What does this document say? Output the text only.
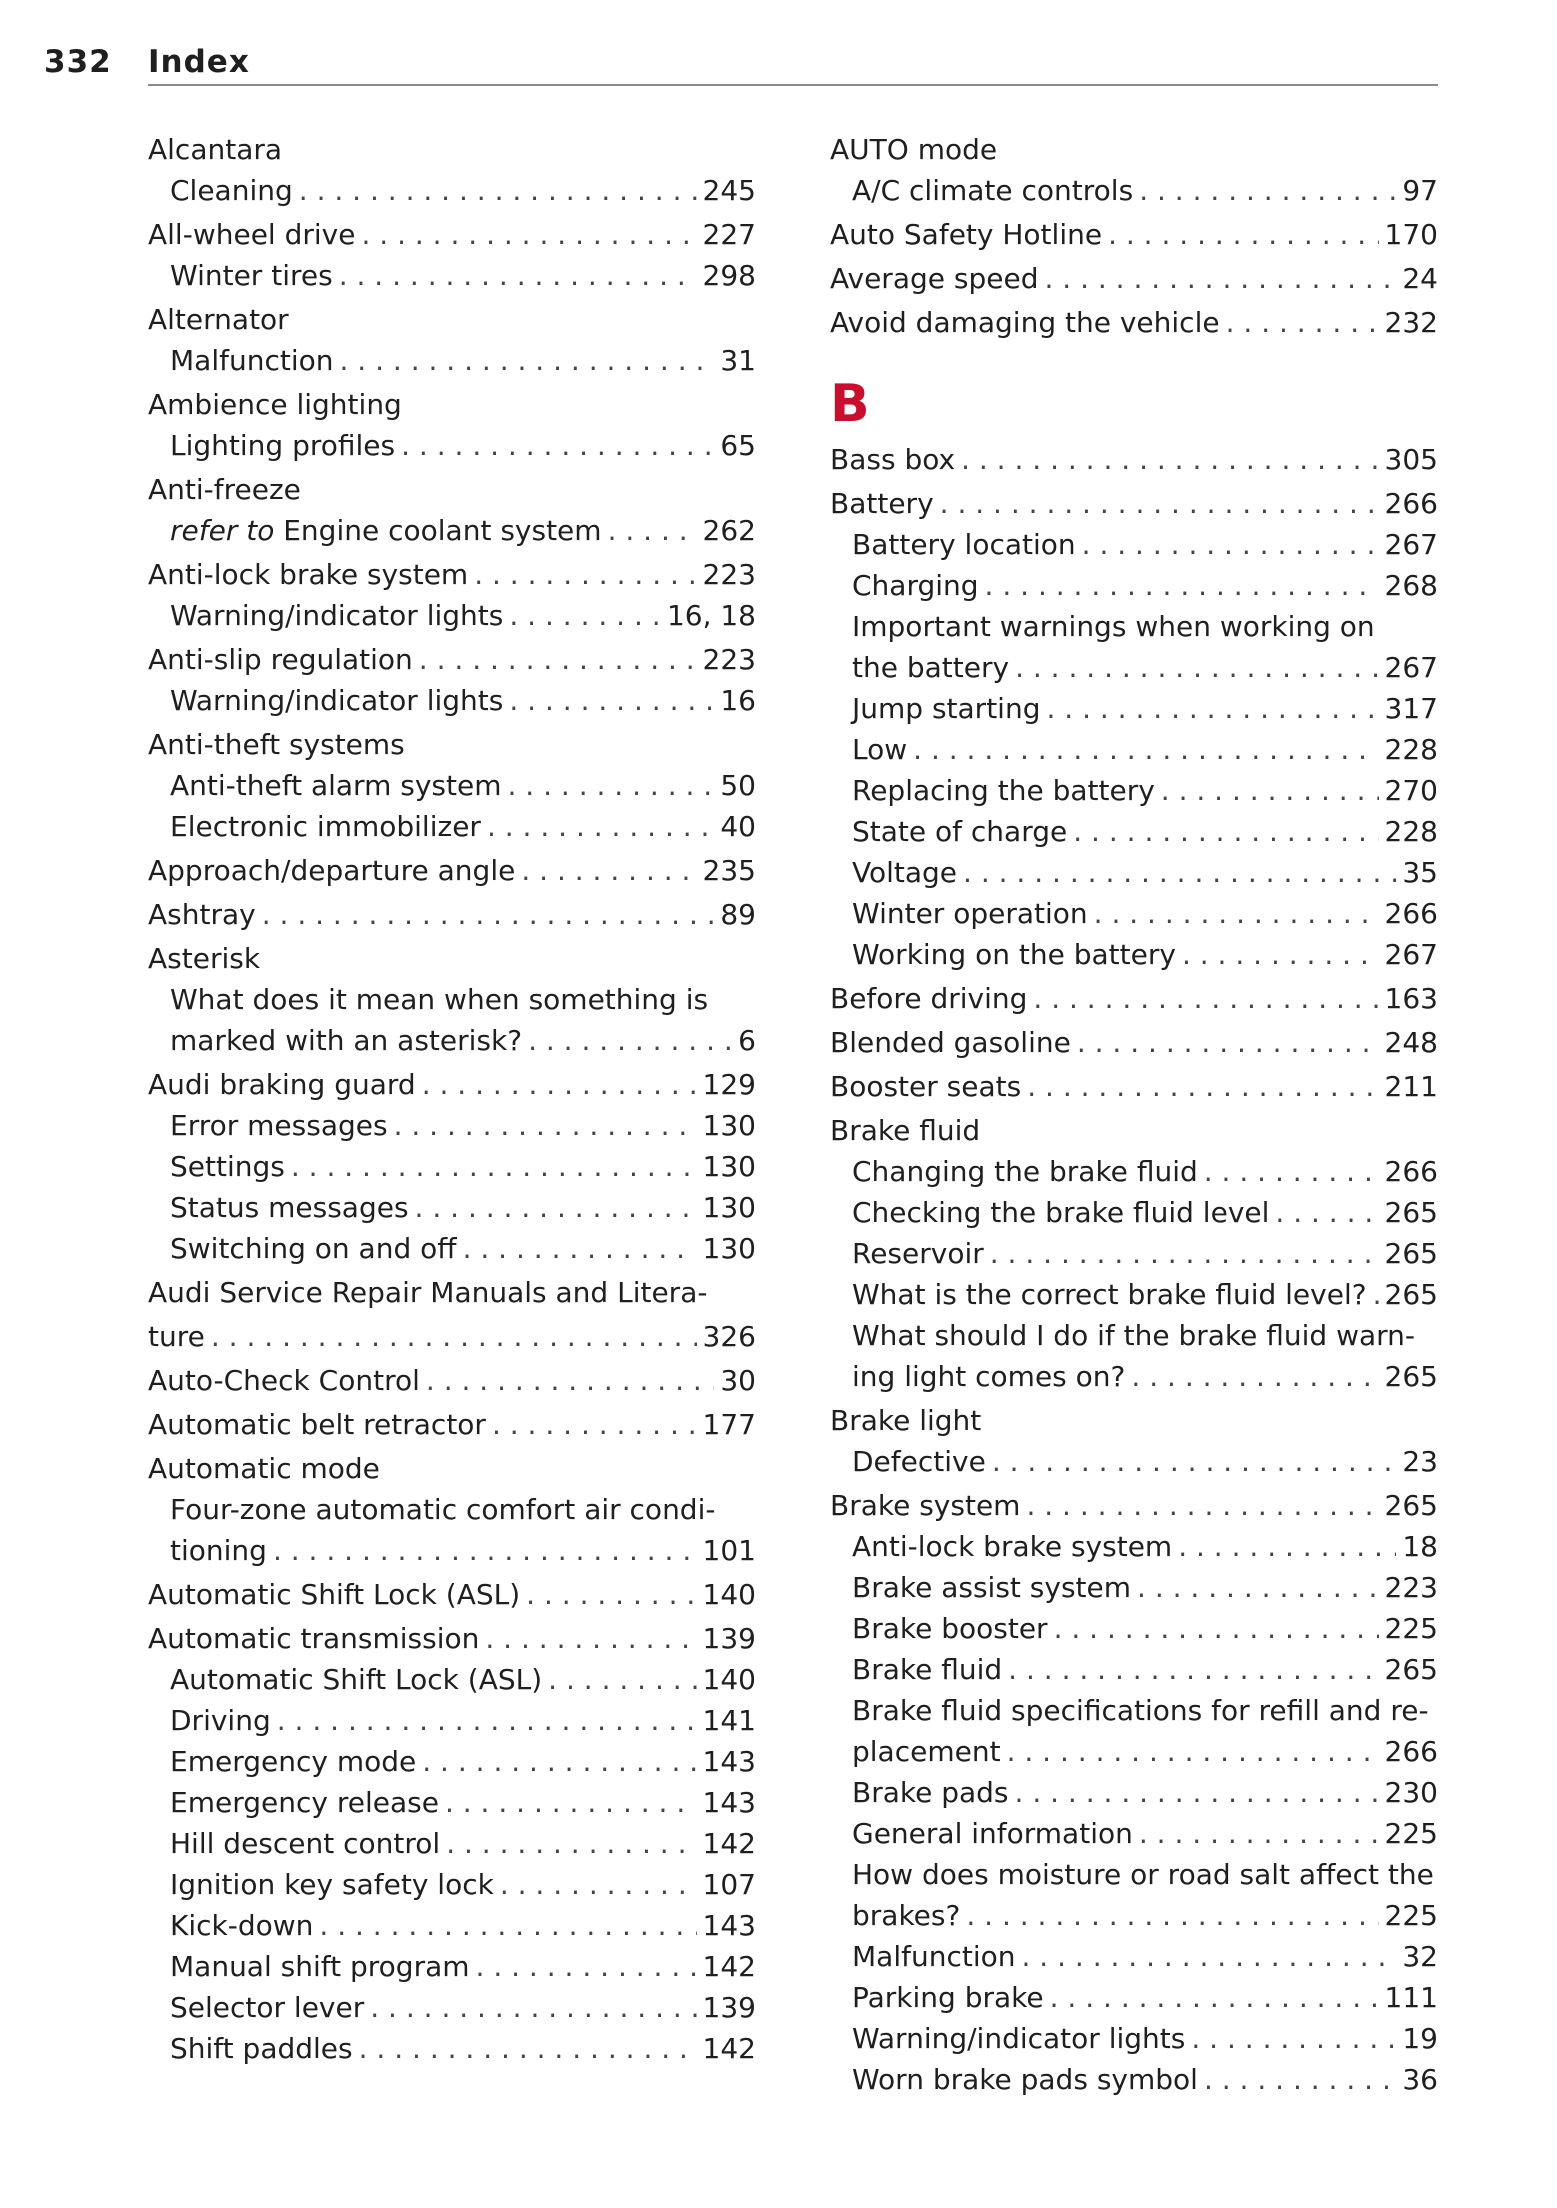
332 Index
Alcantara
Cleaning . . .	245
All-wheel drive . . .	227
Winter tires . . .	298
Alternator
Malfunction . . .	31
Ambience lighting
Lighting profiles . . .	65
Anti-freeze
refer to Engine coolant system . . .	262
Anti-lock brake system . . .	223
Warning/indicator lights . . .	16, 18
Anti-slip regulation . . .	223
Warning/indicator lights . . .	16
Anti-theft systems
Anti-theft alarm system . . .	50
Electronic immobilizer . . .	40
Approach/departure angle . . .	235
Ashtray . . .	89
Asterisk
What does it mean when something is
marked with an asterisk? . . .	6
Audi braking guard . . .	129
Error messages . . .	130
Settings . . .	130
Status messages . . .	130
Switching on and off . . .	130
Audi Service Repair Manuals and Litera-
ture . . .	326
Auto-Check Control . . .	30
Automatic belt retractor . . .	177
Automatic mode
Four-zone automatic comfort air condi-
tioning . . .	101
Automatic Shift Lock (ASL) . . .	140
Automatic transmission . . .	139
Automatic Shift Lock (ASL) . . .	140
Driving . . .	141
Emergency mode . . .	143
Emergency release . . .	143
Hill descent control . . .	142
Ignition key safety lock . . .	107
Kick-down . . .	143
Manual shift program . . .	142
Selector lever . . .	139
Shift paddles . . .	142
AUTO mode
A/C climate controls . . .	97
Auto Safety Hotline . . .	170
Average speed . . .	24
Avoid damaging the vehicle . . .	232
B
Bass box . . .	305
Battery . . .	266
Battery location . . .	267
Charging . . .	268
Important warnings when working on
the battery . . .	267
Jump starting . . .	317
Low . . .	228
Replacing the battery . . .	270
State of charge . . .	228
Voltage . . .	35
Winter operation . . .	266
Working on the battery . . .	267
Before driving . . .	163
Blended gasoline . . .	248
Booster seats . . .	211
Brake fluid
Changing the brake fluid . . .	266
Checking the brake fluid level . . .	265
Reservoir . . .	265
What is the correct brake fluid level? . . . 265
What should I do if the brake fluid warn-
ing light comes on? . . .	265
Brake light
Defective . . .	23
Brake system . . .	265
Anti-lock brake system . . .	18
Brake assist system . . .	223
Brake booster . . .	225
Brake fluid . . .	265
Brake fluid specifications for refill and re-
placement . . .	266
Brake pads . . .	230
General information . . .	225
How does moisture or road salt affect the
brakes? . . .	225
Malfunction . . .	32
Parking brake . . .	111
Warning/indicator lights . . .	19
Worn brake pads symbol . . .	36
